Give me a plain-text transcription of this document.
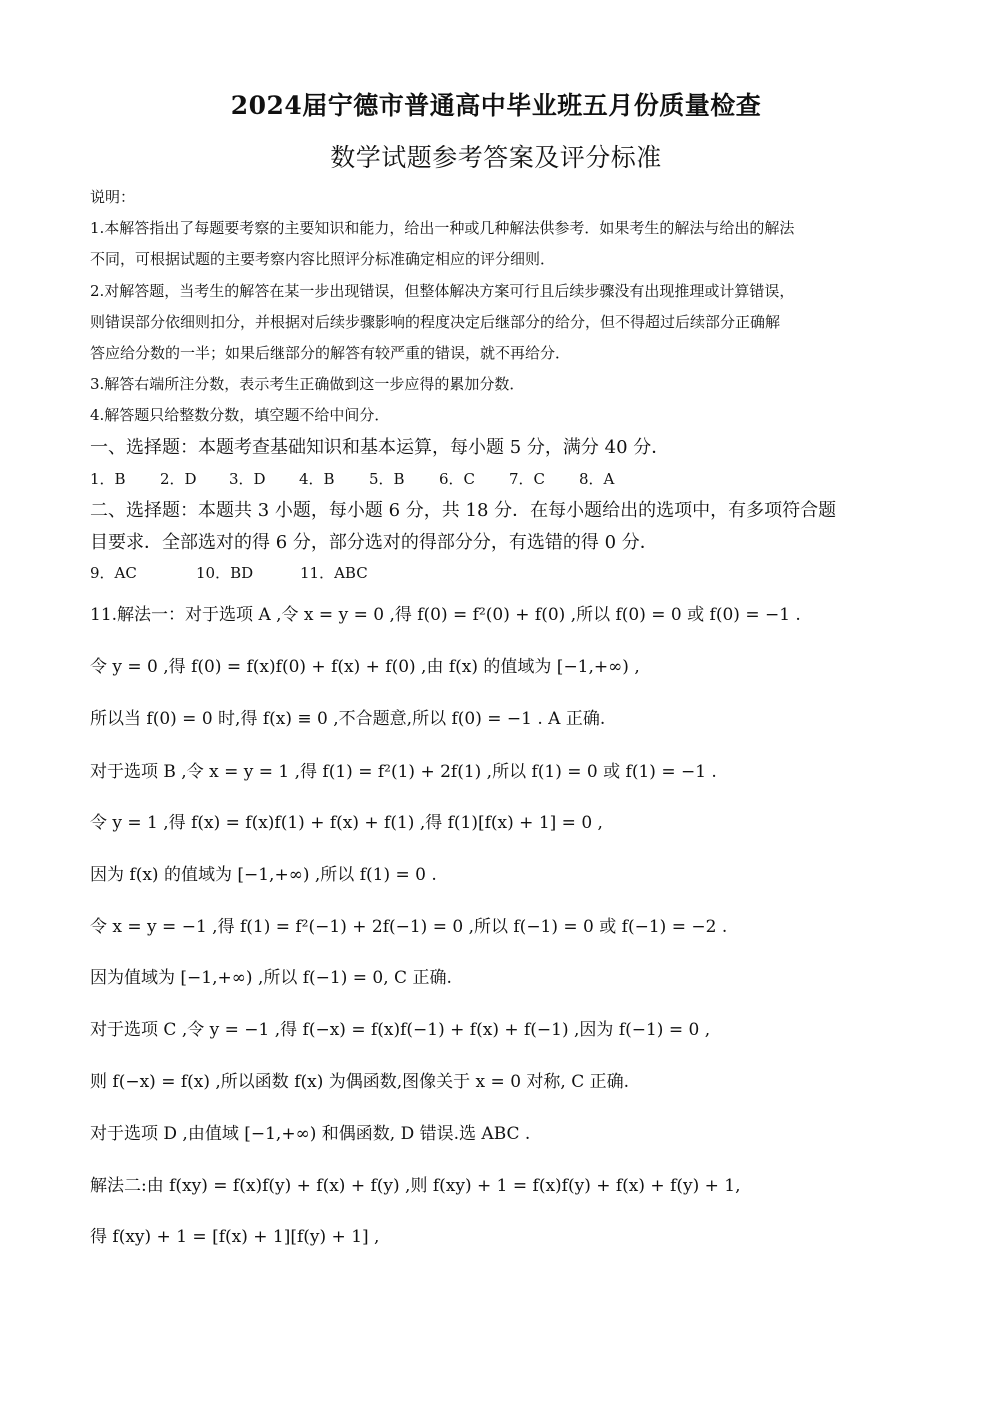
2024届宁德市普通高中毕业班五月份质量检查
数学试题参考答案及评分标准
说明：
1.本解答指出了每题要考察的主要知识和能力，给出一种或几种解法供参考．如果考生的解法与给出的解法
不同，可根据试题的主要考察内容比照评分标准确定相应的评分细则．
2.对解答题，当考生的解答在某一步出现错误，但整体解决方案可行且后续步骤没有出现推理或计算错误，
则错误部分依细则扣分，并根据对后续步骤影响的程度决定后继部分的给分，但不得超过后续部分正确解
答应给分数的一半；如果后继部分的解答有较严重的错误，就不再给分．
3.解答右端所注分数，表示考生正确做到这一步应得的累加分数．
4.解答题只给整数分数，填空题不给中间分．
一、选择题：本题考查基础知识和基本运算，每小题 5 分，满分 40 分．
1．B 2．D 3．D 4．B 5．B 6．C 7．C 8．A
二、选择题：本题共 3 小题，每小题 6 分，共 18 分．在每小题给出的选项中，有多项符合题
目要求．全部选对的得 6 分，部分选对的得部分分，有选错的得 0 分．
9．AC	10．BD	11．ABC
11.解法一：对于选项 A ,令 x = y = 0 ,得 f(0) = f²(0) + f(0) ,所以 f(0) = 0 或 f(0) = −1 .
令 y = 0 ,得 f(0) = f(x)f(0) + f(x) + f(0) ,由 f(x) 的值域为 [−1,+∞) ,
所以当 f(0) = 0 时,得 f(x) ≡ 0 ,不合题意,所以 f(0) = −1 . A 正确.
对于选项 B ,令 x = y = 1 ,得 f(1) = f²(1) + 2f(1) ,所以 f(1) = 0 或 f(1) = −1 .
令 y = 1 ,得 f(x) = f(x)f(1) + f(x) + f(1) ,得 f(1)[f(x) + 1] = 0 ,
因为 f(x) 的值域为 [−1,+∞) ,所以 f(1) = 0 .
令 x = y = −1 ,得 f(1) = f²(−1) + 2f(−1) = 0 ,所以 f(−1) = 0 或 f(−1) = −2 .
因为值域为 [−1,+∞) ,所以 f(−1) = 0, C 正确.
对于选项 C ,令 y = −1 ,得 f(−x) = f(x)f(−1) + f(x) + f(−1) ,因为 f(−1) = 0 ,
则 f(−x) = f(x) ,所以函数 f(x) 为偶函数,图像关于 x = 0 对称, C 正确.
对于选项 D ,由值域 [−1,+∞) 和偶函数, D 错误.选 ABC .
解法二:由 f(xy) = f(x)f(y) + f(x) + f(y) ,则 f(xy) + 1 = f(x)f(y) + f(x) + f(y) + 1,
得 f(xy) + 1 = [f(x) + 1][f(y) + 1] ,
